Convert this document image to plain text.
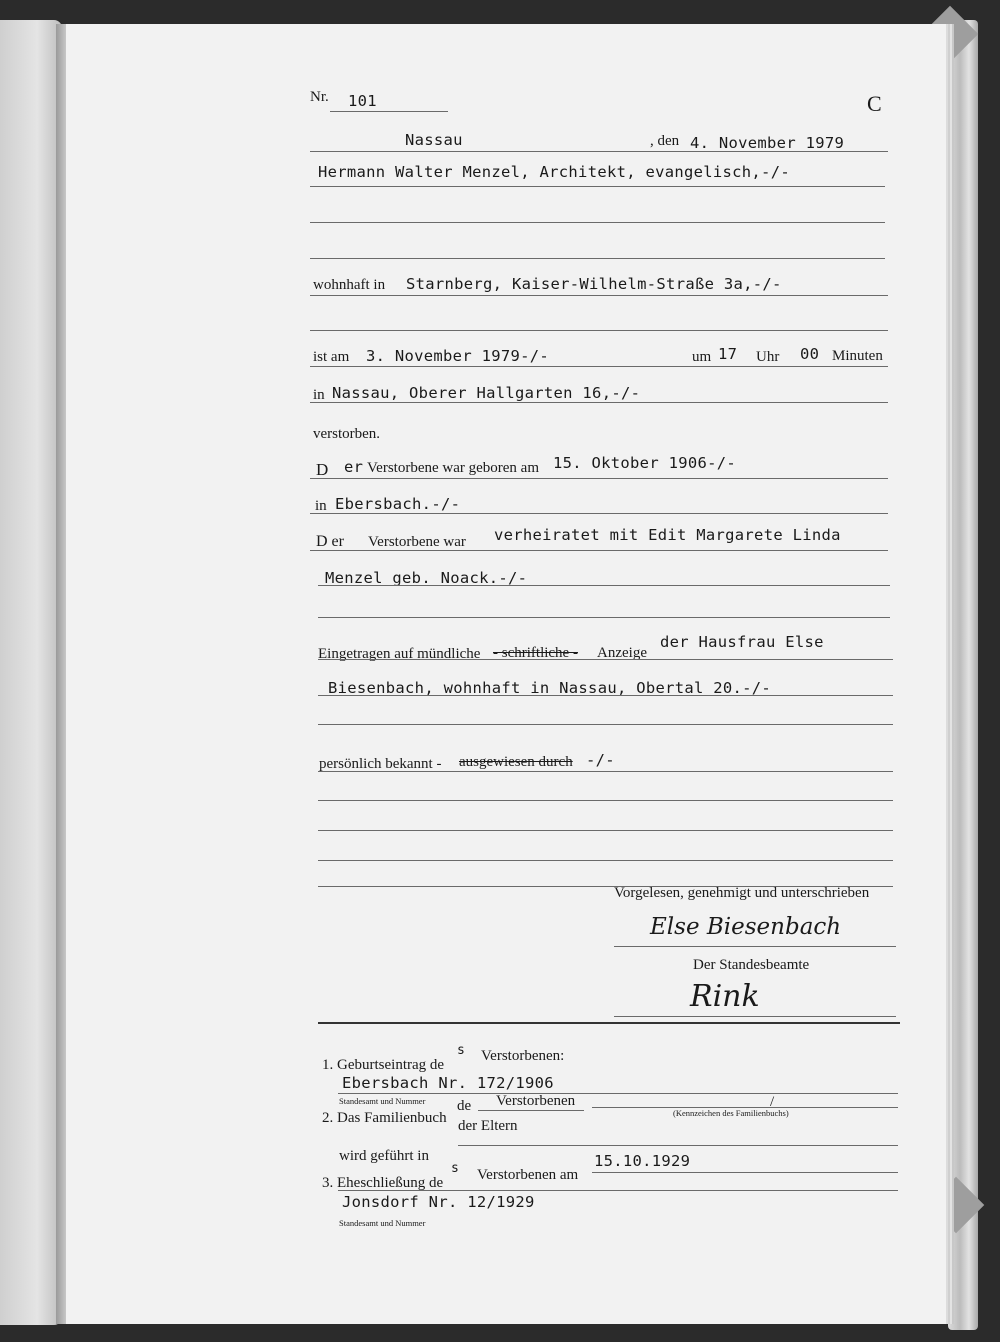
Nr. 101	C
Nassau	, den 4. November 1979
Hermann Walter Menzel, Architekt, evangelisch,-/-
wohnhaft in Starnberg, Kaiser-Wilhelm-Straße 3a,-/-
ist am 3. November 1979-/-	um 17 Uhr 00 Minuten
in Nassau, Oberer Hallgarten 16,-/-
verstorben.
D er Verstorbene war geboren am 15. Oktober 1906-/-
in Ebersbach.-/-
D er Verstorbene war verheiratet mit Edit Margarete Linda
Menzel geb. Noack.-/-
Eingetragen auf mündliche - schriftliche - Anzeige
der Hausfrau Else
Biesenbach, wohnhaft in Nassau, Obertal 20.-/-
persönlich bekannt - ausgewiesen durch -/-
Vorgelesen, genehmigt und unterschrieben
Else Biesenbach
Der Standesbeamte
Rink
1. Geburtseintrag de
s Verstorbenen:
Ebersbach Nr. 172/1906
Standesamt und Nummer
2. Das Familienbuch
de Verstorbenen	/
der Eltern
(Kennzeichen des Familienbuchs)
wird geführt in
3. Eheschließung de
s Verstorbenen am
15.10.1929
Jonsdorf Nr. 12/1929
Standesamt und Nummer
